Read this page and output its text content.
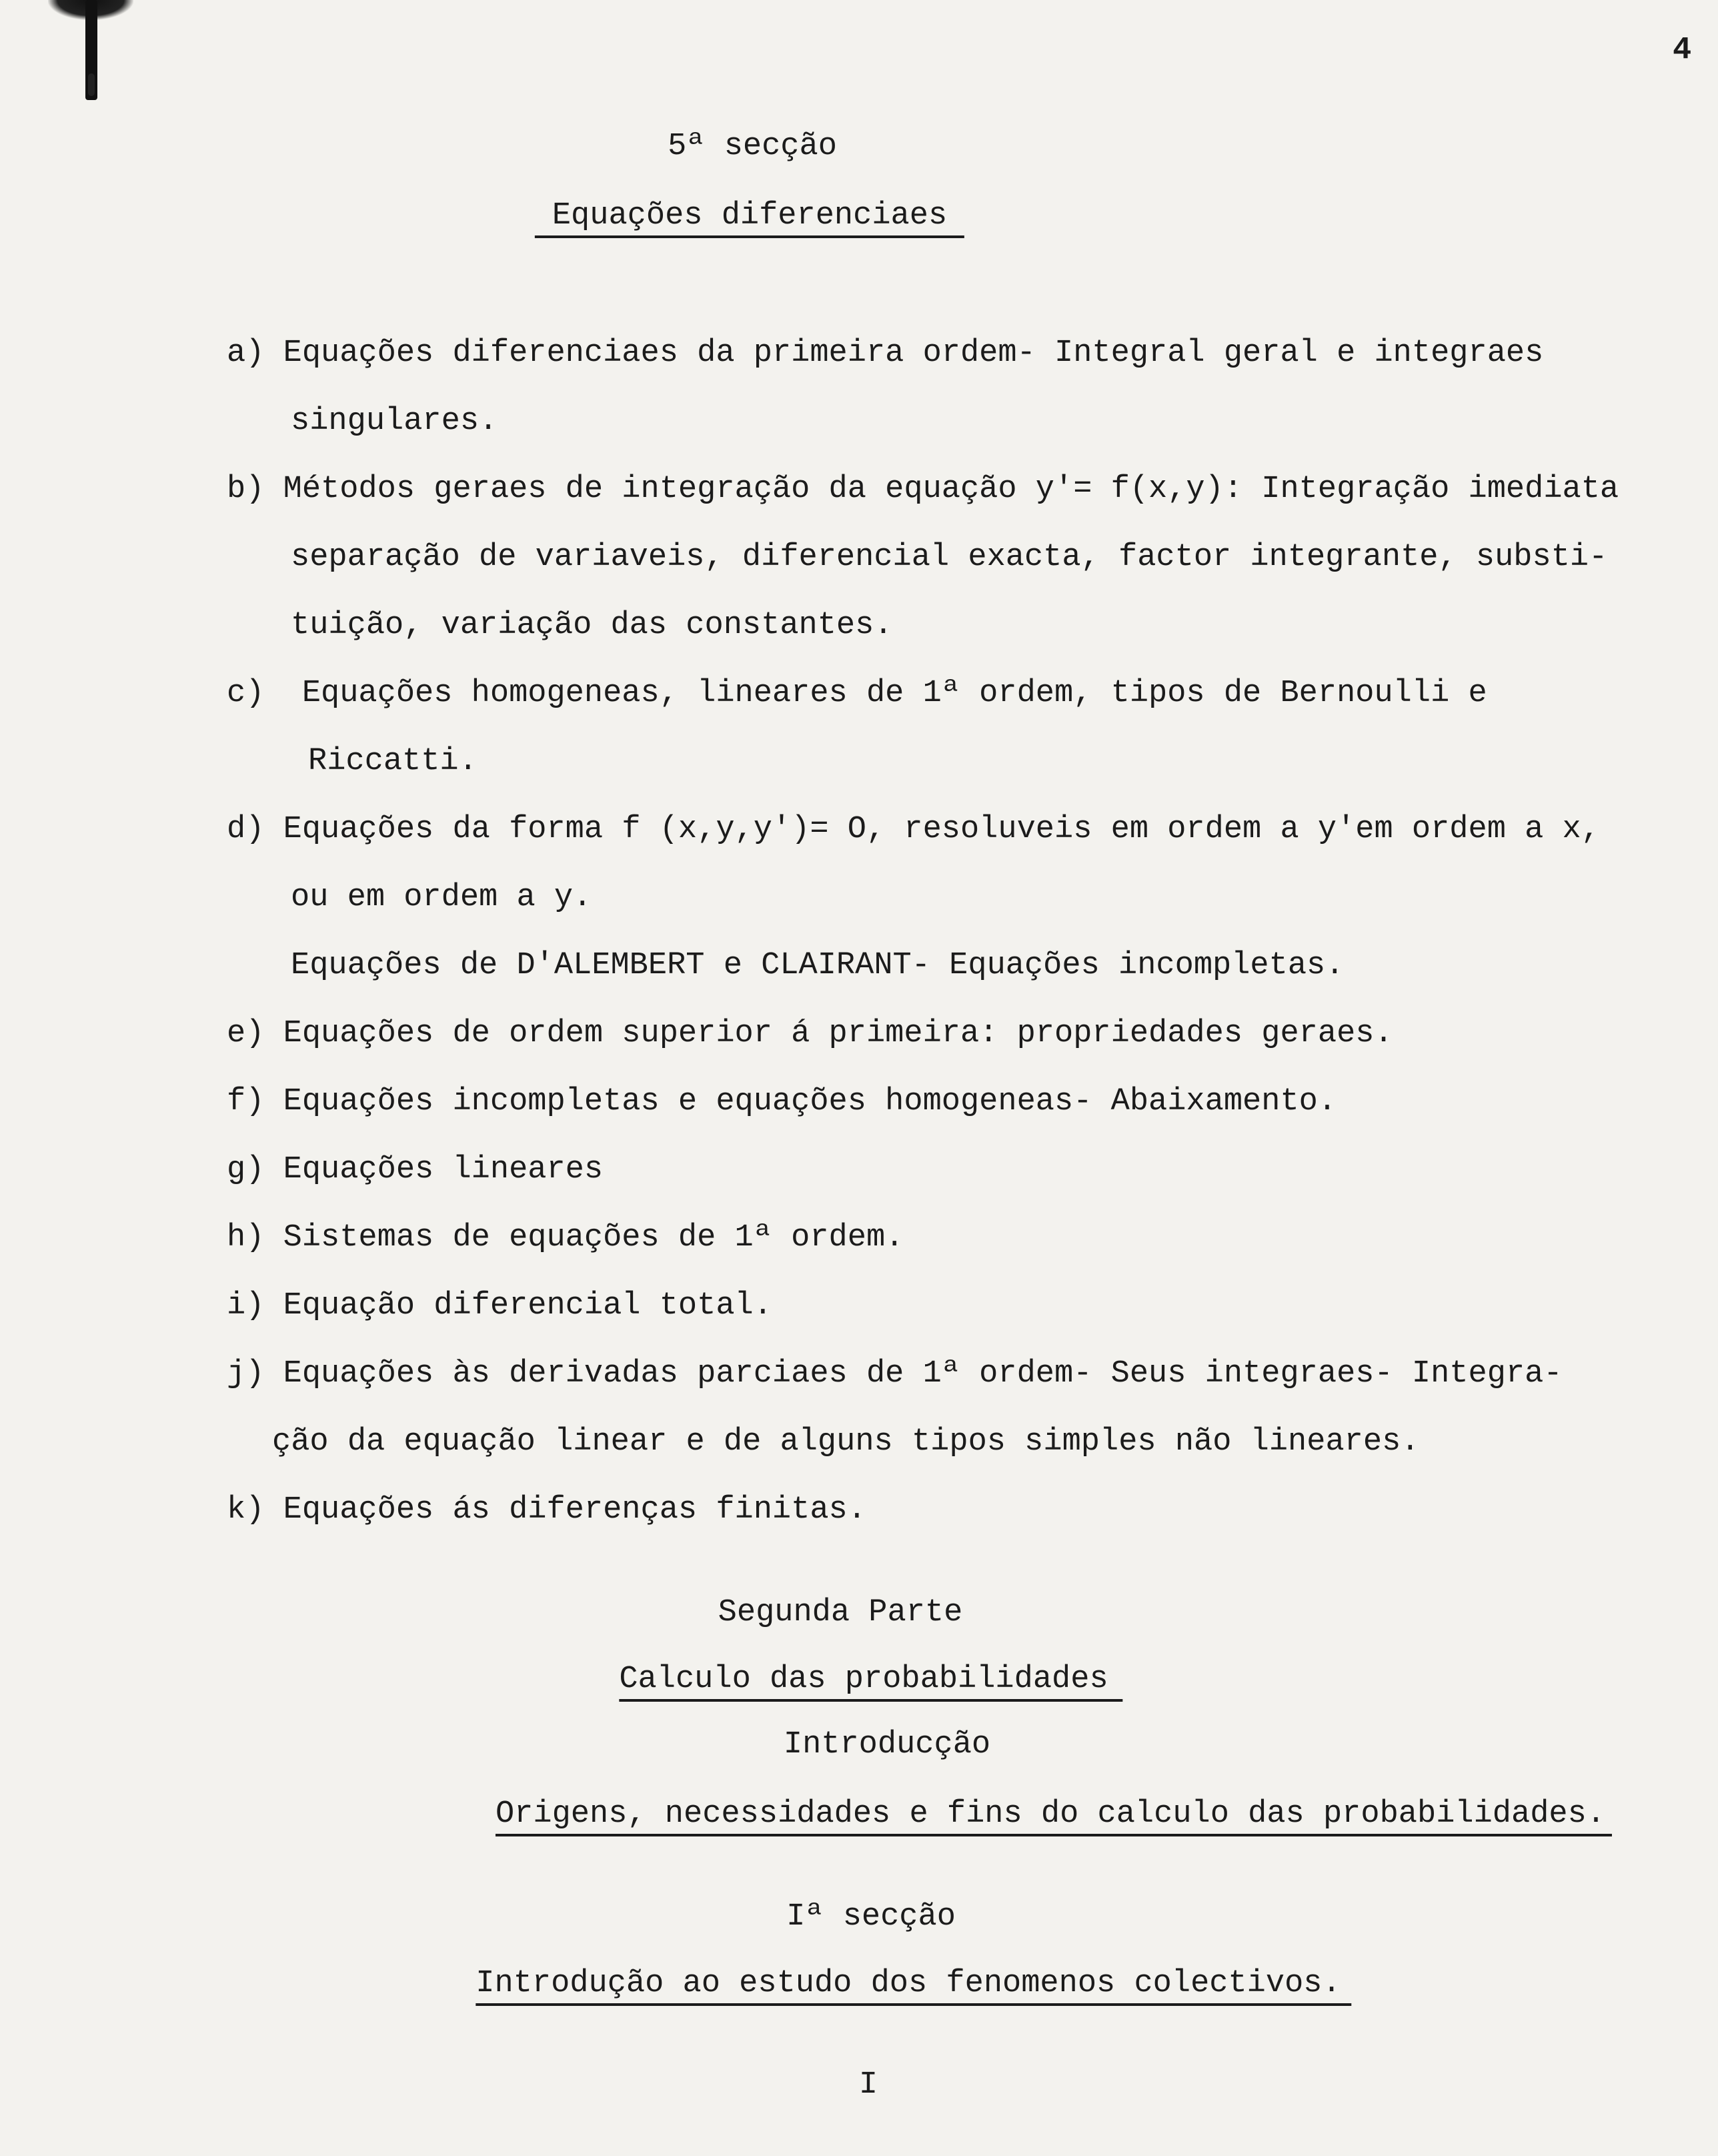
4
5ª secção
Equações diferenciaes
a) Equações diferenciaes da primeira ordem- Integral geral e integraes
singulares.
b) Métodos geraes de integração da equação y'= f(x,y): Integração imediata
separação de variaveis, diferencial exacta, factor integrante, substi-
tuição, variação das constantes.
c)  Equações homogeneas, lineares de 1ª ordem, tipos de Bernoulli e
Riccatti.
d) Equações da forma f (x,y,y')= O, resoluveis em ordem a y'em ordem a x,
ou em ordem a y.
Equações de D'ALEMBERT e CLAIRANT- Equações incompletas.
e) Equações de ordem superior á primeira: propriedades geraes.
f) Equações incompletas e equações homogeneas- Abaixamento.
g) Equações lineares
h) Sistemas de equações de 1ª ordem.
i) Equação diferencial total.
j) Equações às derivadas parciaes de 1ª ordem- Seus integraes- Integra-
ção da equação linear e de alguns tipos simples não lineares.
k) Equações ás diferenças finitas.
Segunda Parte
Calculo das probabilidades
Introducção
Origens, necessidades e fins do calculo das probabilidades.
Iª secção
Introdução ao estudo dos fenomenos colectivos.
I
